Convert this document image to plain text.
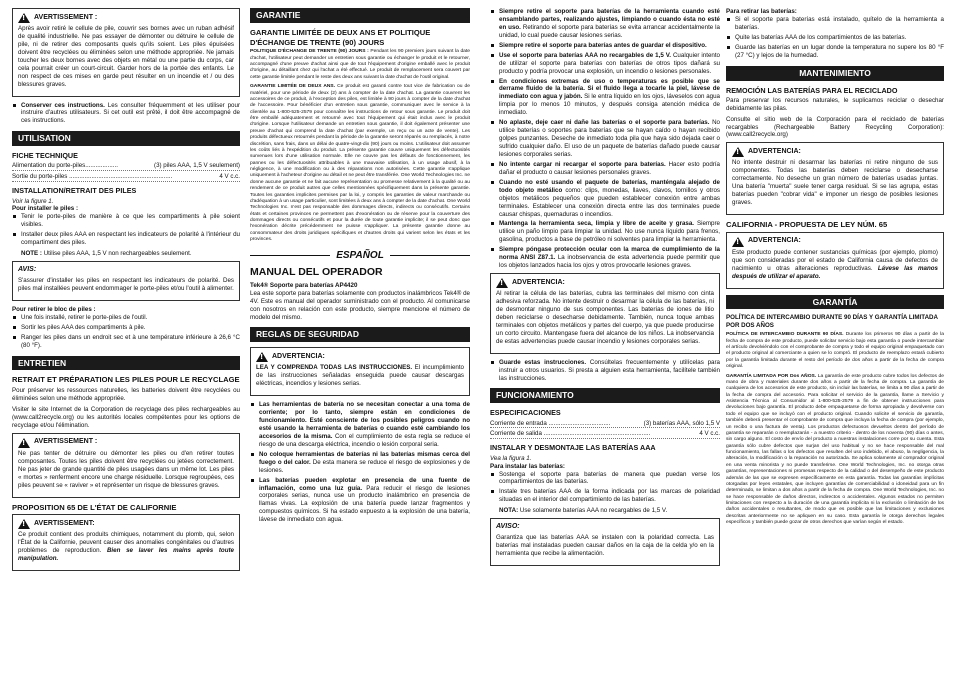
!
AVERTISSEMENT :

Après avoir retiré le cellule de pile, couvrir ses bornes avec un ruban adhésif de qualité industrielle. Ne pas essayer de démonter ou détruire le cellule de pile, ni de retirer des composants quels qu'ils soient. Les piles épuisées doivent être recyclées ou éliminées selon une méthode appropriée. Ne jamais toucher les deux bornes avec des objets en métal ou une partie du corps, car cela pourrait créer un court-circuit. Garder hors de la portée des enfants. Le non respect de ces mises en garde peut résulter en un incendie et / ou des blessures graves.

Conserver ces instructions. Les consulter fréquemment et les utiliser pour instruire d'autres utilisateurs. Si cet outil est prêté, il doit être accompagné de ces instructions.
UTILISATION
FICHE TECHNIQUE
Alimentation du porte-piles...................	(3) piles AAA, 1,5 V seulement)
Sortie du porte-piles ............................................................	4 V c.c.
INSTALLATION/RETRAIT DES PILES
Voir la figure 1.
Pour installer le piles :
Tenir le porte-piles de manière à ce que les compartiments à pile soient visibles.
Installer deux piles AAA en respectant les indicateurs de polarité à l'intérieur du compartiment des piles.
NOTE : Utilise piles AAA, 1,5 V non rechargeables seulement.
AVIS:

S'assurer d'installer les piles en respectant les indicateurs de polarité. Des piles mal installées peuvent endommager le porte-piles et/ou l'outil à alimenter.

Pour retirer le bloc de piles :
Une fois installé, retirer le porte-piles de l'outil.
Sortir les piles AAA des compartiments à pile.
Ranger les piles dans un endroit sec et à une température inférieure à 26,6 °C (80 °F).
ENTRETIEN
RETRAIT ET PRÉPARATION LES PILES POUR LE RECYCLAGE

Pour préserver les ressources naturelles, les batteries doivent être recyclées ou éliminées selon une méthode appropriée.

Visiter le site Internet de la Corporation de recyclage des piles rechargeables au (www.call2recycle.org) ou les autorités locales compétentes pour les options de recyclage et/ou l'élimination.

!
AVERTISSEMENT :

Ne pas tenter de détruire ou démonter les piles ou d'en retirer toutes composantes. Toutes les piles doivent être recyclées ou jetées correctement. Ne pas jeter de grande quantité de piles usagées dans un même lot. Les piles « mortes » renferment encore une charge résiduelle. Lorsque regroupées, ces piles peuvent se « raviver » et représenter un risque de blessures graves.

PROPOSITION 65 DE L'ÉTAT DE CALIFORNIE
!
AVERTISSEMENT:

Ce produit contient des produits chimiques, notamment du plomb, qui, selon l'État de la Californie, peuvent causer des anomalies congénitales ou d'autres problèmes de reproduction. Bien se laver les mains après toute manipulation.

GARANTIE
GARANTIE LIMITÉE DE DEUX ANS ET POLITIQUE D'ÉCHANGE DE TRENTE (90) JOURS
POLITIQUE D'ÉCHANGE DE TRENTE (90) JOURS : Pendant les 90 premiers jours suivant la date d'achat, l'utilisateur peut demander un entretien sous garantie ou échanger le produit et le retourner, accompagné d'une preuve d'achat ainsi que de tout l'équipement d'origine emballé avec le produit d'origine, au détaillant chez qui l'achat a été effectué. Le produit de remplacement sera couvert par cette garantie limitée pendant le reste des deux ans suivant la date d'achat de l'outil original.
GARANTIE LIMITÉE DE DEUX ANS. Ce produit est garanti contre tout vice de fabrication ou de matériel, pour une période de deux (2) ans à compter de la date d'achat. La garantie couvrent les accessoires de ce produit, à l'exception des piles, est limitée à 90 jours à compter de la date d'achat de l'accessoire. Pour bénéficier d'un entretien sous garantie, communiquer avec le service à la clientèle au 1-800-525-2579 pour connaître les instructions de retour sous garantie. Le produit doit être emballé adéquatement et retourné avec tout l'équipement qui était inclus avec le produit d'origine. Lorsque l'utilisateur demande un entretien sous garantie, il doit également présenter une preuve d'achat qui comprend la date d'achat (par exemple, un reçu ou un acte de vente). Les produits défectueux retournés pendant la période de la garantie seront réparés ou remplacés, à notre discrétion, sans frais, dans un délai de quatre-vingt-dix (90) jours ou moins. L'utilisateur doit assumer les coûts liés à l'expédition du produit. La présente garantie couvre uniquement les défectuosités survenues lors d'une utilisation normale. Elle ne couvre pas les défauts de fonctionnement, les pannes ou les défectuosités attribuables à une mauvaise utilisation, à un usage abusif, à la négligence, à une modification ou à des réparations non autorisées. Cette garantie s'applique uniquement à l'acheteur d'origine au détail et ne peut être transférée. One World Technologies Inc. ne donne aucune garantie et ne fait aucune représentation ou promesse relativement à la qualité ou au rendement de ce produit autres que celles mentionnées spécifiquement dans la présente garantie. Toutes les garanties implicites permises par la loi, y compris les garanties de valeur marchande ou d'adéquation à un usage particulier, sont limitées à deux ans à compter de la date d'achat. One World Technologies Inc. n'est pas responsable des dommages directs, indirects ou consécutifs. Certains états et certaines provinces ne permettent pas d'exonération ou de réserve pour la couverture des dommages directs ou consécutifs et pour la durée de toute garantie implicite; il se peut donc que l'exonération décrite précédemment ne puisse s'appliquer. La présente garantie donne au consommateur des droits juridiques spécifiques et d'autres droits qui varient selon les états et les provinces.
ESPAÑOL
MANUAL DEL OPERADOR
Tek4® Soporte para baterías AP4420

Lea este soporte para baterías solamente con productos inalámbricos Tek4® de 4V. Este es manual del operador suministrado con el producto. Al comunicarse con nosotros en relación con este producto, siempre mencione el número de modelo del mismo.

REGLAS DE SEGURIDAD
!
ADVERTENCIA:

LEA Y COMPRENDA TODAS LAS INSTRUCCIONES. El incumplimiento de las instrucciones señaladas enseguida puede causar descargas eléctricas, incendios y lesiones serias.

Las herramientas de batería no se necesitan conectar a una toma de corriente; por lo tanto, siempre están en condiciones de funcionamiento. Esté consciente de los posibles peligros cuando no esté usando la herramienta de baterías o cuando esté cambiando los accesorios de la misma. Con el cumplimiento de esta regla se reduce el riesgo de una descarga eléctrica, incendio o lesión corporal seria.
No coloque herramientas de baterías ni las baterías mismas cerca del fuego o del calor. De esta manera se reduce el riesgo de explosiones y de lesiones.
Las baterías pueden explotar en presencia de una fuente de inflamación, como una luz guía. Para reducir el riesgo de lesiones corporales serias, nunca use un producto inalámbrico en presencia de llamas vivas. La explosión de una batería puede lanzar fragmentos y compuestos químicos. Si ha estado expuesto a la explosión de una batería, lávese de inmediato con agua.
Siempre retire el soporte para baterías de la herramienta cuando esté ensamblando partes, realizando ajustes, limpiando o cuando ésta no esté en uso. Retirando el soporte para baterías se evita arrancar accidentalmente la unidad, lo cual puede causar lesiones serias.
Siempre retire el soporte para baterías antes de guardar el dispositivo.
Use el soporte para baterías AAA no recargables de 1,5 V. Cualquier intento de utilizar el soporte para baterías con baterías de otros tipos dañará su producto y podría provocar una explosión, un incendio o lesiones personales.
En condiciones extremas de uso o temperaturas es posible que se derrame fluido de la batería. Si el fluido llega a tocarle la piel, lávese de inmediato con agua y jabón. Si le entra líquido en los ojos, láveselos con agua limpia por lo menos 10 minutos, y después consiga atención médica de inmediato.
No aplaste, deje caer ni dañe las baterías o el soporte para baterías. No utilice baterías o soportes para baterías que se hayan caído o hayan recibido golpes punzantes. Deseche de inmediato toda pila que haya sido dejada caer o sufrido cualquier daño. El uso de un paquete de baterías dañado puede causar lesiones corporales serias.
No intente cargar ni recargar el soporte para baterías. Hacer esto podría dañar el producto o causar lesiones personales graves.
Cuando no esté usando el paquete de baterías, manténgala alejado de todo objeto metálico como: clips, monedas, llaves, clavos, tornillos y otros objetos metálicos pequeños que pueden establecer conexión entre ambas terminales. Establecer una conexión directa entre las dos terminales puede causar chispas, quemaduras o incendios.
Mantenga la herramienta seca, limpia y libre de aceite y grasa. Siempre utilice un paño limpio para limpiar la unidad. No use nunca líquido para frenos, gasolina, productos a base de petróleo ni solventes para limpiar la herramienta.
Siempre póngase protección ocular con la marca de cumplimiento de la norma ANSI Z87.1. La inobservancia de esta advertencia puede permitir que los objetos lanzados hacia los ojos y otros provocarle lesiones graves.
!
ADVERTENCIA:

Al retirar la célula de las baterías, cubra las terminales del mismo con cinta adhesiva reforzada. No intente destruir o desarmar la célula de las baterías, ni de desmontar ninguno de sus componentes. Las baterías de iones de litio deben reciclarse o desecharse debidamente. También, nunca toque ambas terminales con objetos metálicos y partes del cuerpo, ya que puede producirse un corto circuito. Mantengase fuera del alcance de los niños. La inobservancia de estas advertencias puede causar incendio y lesiones corporales serias.

Guarde estas instrucciones. Consúltelas frecuentemente y utilícelas para instruir a otros usuarios. Si presta a alguien esta herramienta, facilítele también las instrucciones.
FUNCIONAMIENTO
ESPECIFICACIONES
Corriente de entrada ....................................	(3) baterías AAA, sólo 1,5 V
Corriente de salida ..............................................................	4 V c.c.
INSTALAR Y DESMONTAJE LAS BATERÍAS AAA
Vea la figura 1.
Para instalar las baterías:
Sostenga el soporte para baterías de manera que puedan verse los compartimientos de las baterías.
Instale tres baterías AAA de la forma indicada por las marcas de polaridad situadas en el interior del compartimiento de las baterías.
NOTA: Use solamente baterías AAA no recargables de 1,5 V.
AVISO:

Garantiza que las baterías AAA se instalen con la polaridad correcta. Las baterías mal instaladas pueden causar daños en la caja de la celda y/o en la herramienta que recibe la alimentación.

Para retirar las baterías:
Si el soporte para baterías está instalado, quítelo de la herramienta a baterías.
Quite las baterías AAA de los compartimientos de las baterías.
Guarde las baterías en un lugar donde la temperatura no supere los 80 °F (27 °C) y lejos de la humedad.
MANTENIMIENTO
REMOCIÓN LAS BATERÍAS PARA EL RECICLADO

Para preservar los recursos naturales, le suplicamos reciclar o desechar debidamente las pilas.

Consulte el sitio web de la Corporación para el reciclado de baterías recargables (Rechargeable Battery Recycling Corporation): (www.call2recycle.org)

!
ADVERTENCIA:

No intente destruir ni desarmar las baterías ni retire ninguno de sus componentes. Todas las baterías deben reciclarse o desecharse correctamente. No deseche un gran número de baterías usadas juntas. Una batería "muerta" suele tener carga residual. Si se las agrupa, estas baterías pueden "cobrar vida" e imponer un riesgo de posibles lesiones graves.

CALIFORNIA - PROPUESTA DE LEY NÚM. 65
!
ADVERTENCIA:

Este producto puede contener sustancias químicas (por ejemplo, plomo) que son consideradas por el estado de California causa de defectos de nacimiento u otras alteraciones reproductivas. Lávese las manos después de utilizar el aparato.

GARANTÍA
POLÍTICA DE INTERCAMBIO DURANTE 90 DÍAS Y GARANTÍA LIMITADA POR DOS AÑOS
POLÍTICA DE INTERCAMBIO DURANTE 90 DÍAS. Durante los primeros 90 días a partir de la fecha de compra de este producto, puede solicitar servicio bajo esta garantía o puede intercambiar el artículo devolviéndolo con el comprobante de compra y todo el equipo original empaquetado con el producto original al comerciante a quien se lo compró. El producto de reemplazo estará cubierto por la garantía limitada durante el resto del período de dos años a partir de la fecha de compra original.
GARANTÍA LIMITADA POR Dos AÑOS. La garantía de este producto cubre todos los defectos de mano de obra y materiales durante dos años a partir de la fecha de compra. La garantía de cualquiera de los accesorios de este producto, sin incluir las baterías, se limita a 90 días a partir de la fecha de compra del accesorio. Para solicitar el servicio de la garantía, llame a Servicio y Asistencia Técnica al Consumidor al 1-800-525-2579 a fin de obtener instrucciones para devoluciones bajo garantía. El producto debe empaquetarse de forma apropiada y devolverse con todo el equipo que se incluyó con el producto original. Cuando solicite el servicio de garantía, también deberá presentar el comprobante de compra que incluya la fecha de compra (por ejemplo, un recibo o una factura de venta). Los productos defectuosos devueltos dentro del período de garantía se repararán o reemplazarán - a nuestro criterio - dentro de los noventa (90) días o antes, sin cargo alguno. El costo de envío del producto a nuestras instalaciones corre por su cuenta. Esta garantía sólo cubre defectos que surjan del uso habitual y no se hace responsable del mal funcionamiento, las fallas o los defectos que resulten del uso indebido, el abuso, la negligencia, la alteración, la modificación o la reparación no autorizada. Se aplica solamente al comprador original en una venta minorista y no puede transferirse. One World Technologies, Inc. no otorga otras garantías, representaciones ni promesas respecto de la calidad o del desempeño de este producto además de las que se expresen específicamente en esta garantía. Todas las garantías implícitas otorgadas por leyes estatales, que incluyen garantías de comerciabilidad o idoneidad para un fin determinado, se limitan a dos años a partir de la fecha de compra. One World Technologies, Inc. no se hace responsable de daños directos, indirectos o accidentales. Algunos estados no permiten limitaciones con respecto a la duración de una garantía implícita ni la exclusión o limitación de los daños accidentales o resultantes, de modo que es posible que las limitaciones y exclusiones descritas anteriormente no se apliquen en su caso. Esta garantía le otorga derechos legales específicos y también puede gozar de otros derechos que varían según el estado.
